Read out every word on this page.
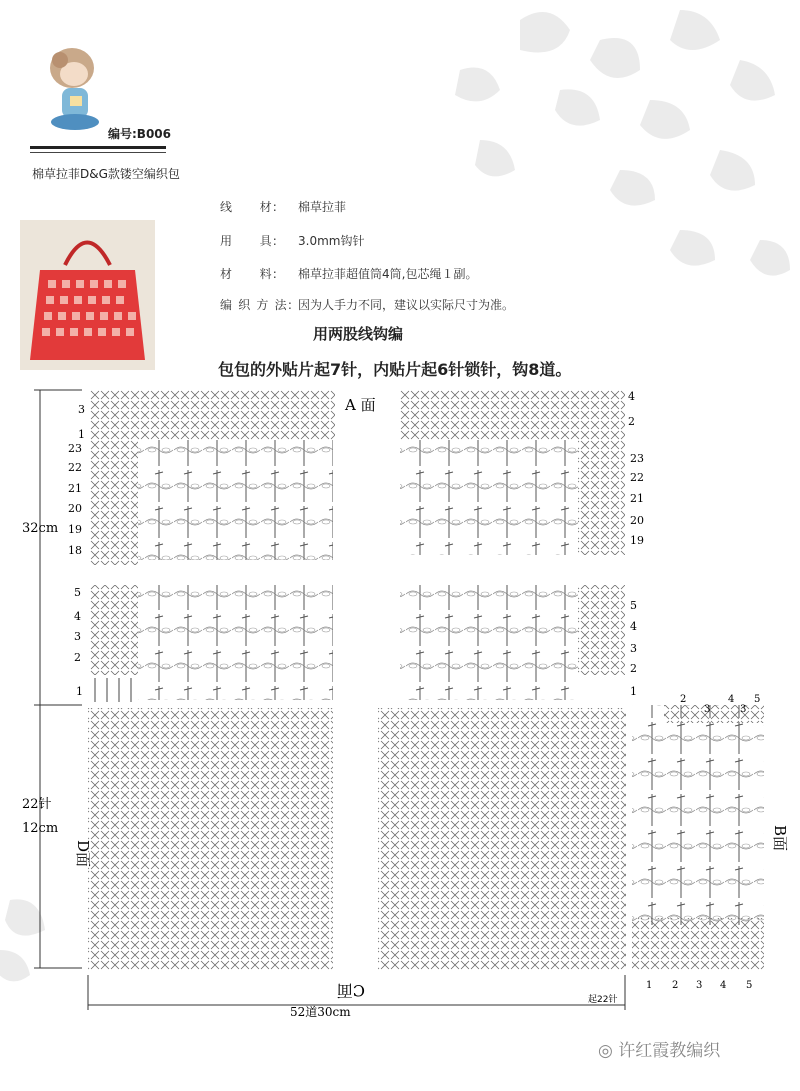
编号:B006
棉草拉菲D&G款镂空编织包
线　　材: 棉草拉菲
用　　具: 3.0mm钩针
材　　料: 棉草拉菲超值筒4筒,包芯绳１副。
编 织 方 法: 因为人手力不同，建议以实际尺寸为准。
用两股线钩编
包包的外贴片起7针，内贴片起6针锁针，钩8道。
A 面
B面
C面
D面
32cm
22针
12cm
52道30cm
起22针
3
1
23
22
21
20
19
18
5
4
3
2
1
4
2
23
22
21
20
19
5
4
3
2
1
2	4 5
3	3
1 2 3 4 5
◎ 许红霞教编织
